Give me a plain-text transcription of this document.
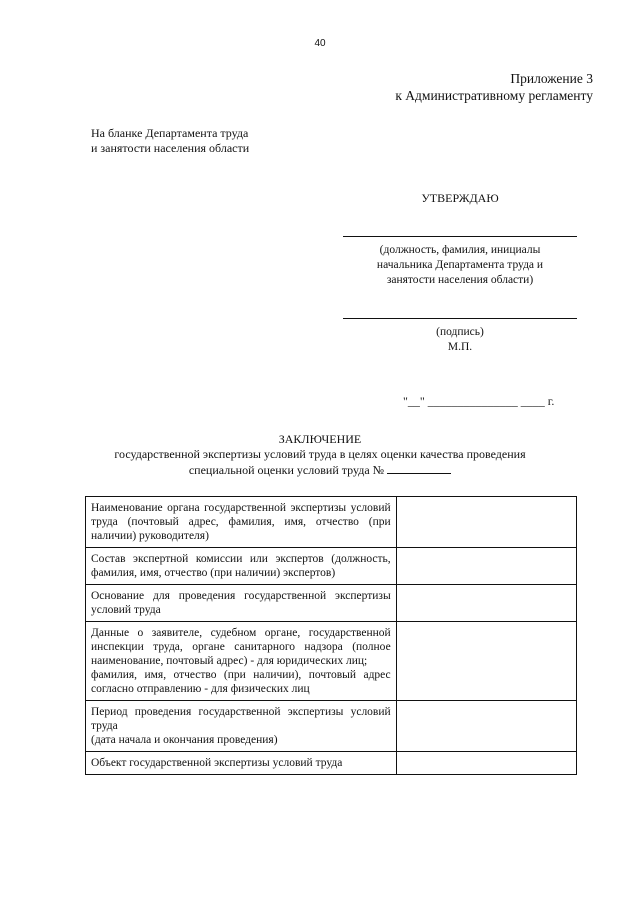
40
Приложение 3
к Административному регламенту
На бланке Департамента труда
и занятости населения области
УТВЕРЖДАЮ
(должность, фамилия, инициалы
начальника Департамента труда и
занятости населения области)
(подпись)
М.П.
"__" _______________ ____ г.
ЗАКЛЮЧЕНИЕ
государственной экспертизы условий труда в целях оценки качества проведения
специальной оценки условий труда №
Наименование органа государственной экспертизы условий труда (почтовый адрес, фамилия, имя, отчество (при наличии) руководителя)	
Состав экспертной комиссии или экспертов (должность, фамилия, имя, отчество (при наличии) экспертов)	
Основание для проведения государственной экспертизы условий труда	
Данные о заявителе, судебном органе, государственной инспекции труда, органе санитарного надзора (полное наименование, почтовый адрес) - для юридических лиц;
фамилия, имя, отчество (при наличии), почтовый адрес согласно отправлению - для физических лиц	
Период проведения государственной экспертизы условий труда
(дата начала и окончания проведения)	
Объект государственной экспертизы условий труда	
